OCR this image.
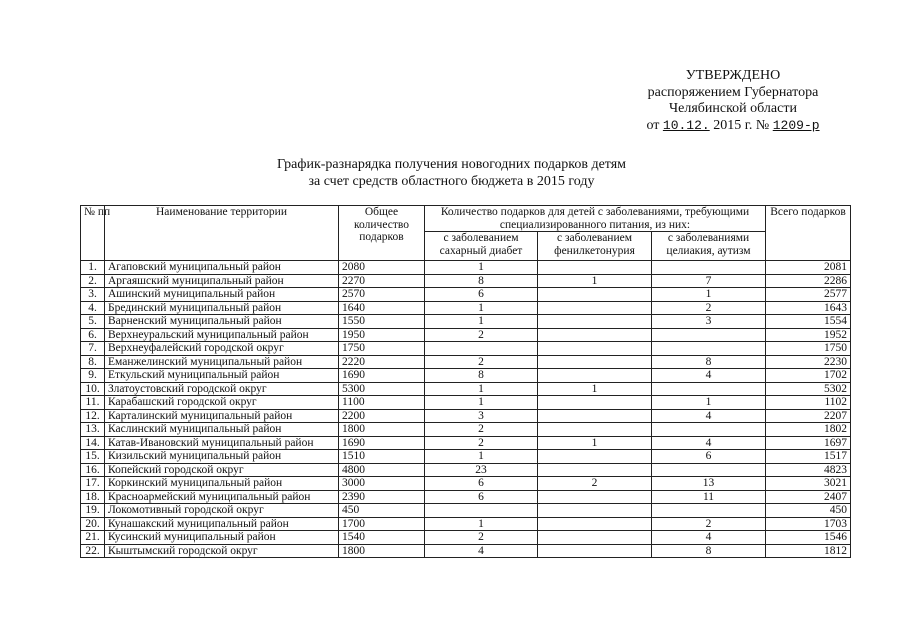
УТВЕРЖДЕНО
распоряжением Губернатора
Челябинской области
от 10.12. 2015 г. № 1209-р
График-разнарядка получения новогодних подарков детям
за счет средств областного бюджета в 2015 году
№ пп	Наименование территории	Общее количество подарков	Количество подарков для детей с заболеваниями, требующими специализированного питания, из них:			Всего подарков
			с заболеванием сахарный диабет	с заболеванием фенилкетонурия	с заболеваниями целиакия, аутизм	
1.	Агаповский муниципальный район	2080	1			2081
2.	Аргаяшский муниципальный район	2270	8	1	7	2286
3.	Ашинский муниципальный район	2570	6		1	2577
4.	Брединский муниципальный район	1640	1		2	1643
5.	Варненский муниципальный район	1550	1		3	1554
6.	Верхнеуральский муниципальный район	1950	2			1952
7.	Верхнеуфалейский городской округ	1750				1750
8.	Еманжелинский муниципальный район	2220	2		8	2230
9.	Еткульский муниципальный район	1690	8		4	1702
10.	Златоустовский городской округ	5300	1	1		5302
11.	Карабашский городской округ	1100	1		1	1102
12.	Карталинский муниципальный район	2200	3		4	2207
13.	Каслинский муниципальный район	1800	2			1802
14.	Катав-Ивановский муниципальный район	1690	2	1	4	1697
15.	Кизильский муниципальный район	1510	1		6	1517
16.	Копейский городской округ	4800	23			4823
17.	Коркинский муниципальный район	3000	6	2	13	3021
18.	Красноармейский муниципальный район	2390	6		11	2407
19.	Локомотивный городской округ	450				450
20.	Кунашакский муниципальный район	1700	1		2	1703
21.	Кусинский муниципальный район	1540	2		4	1546
22.	Кыштымский городской округ	1800	4		8	1812
